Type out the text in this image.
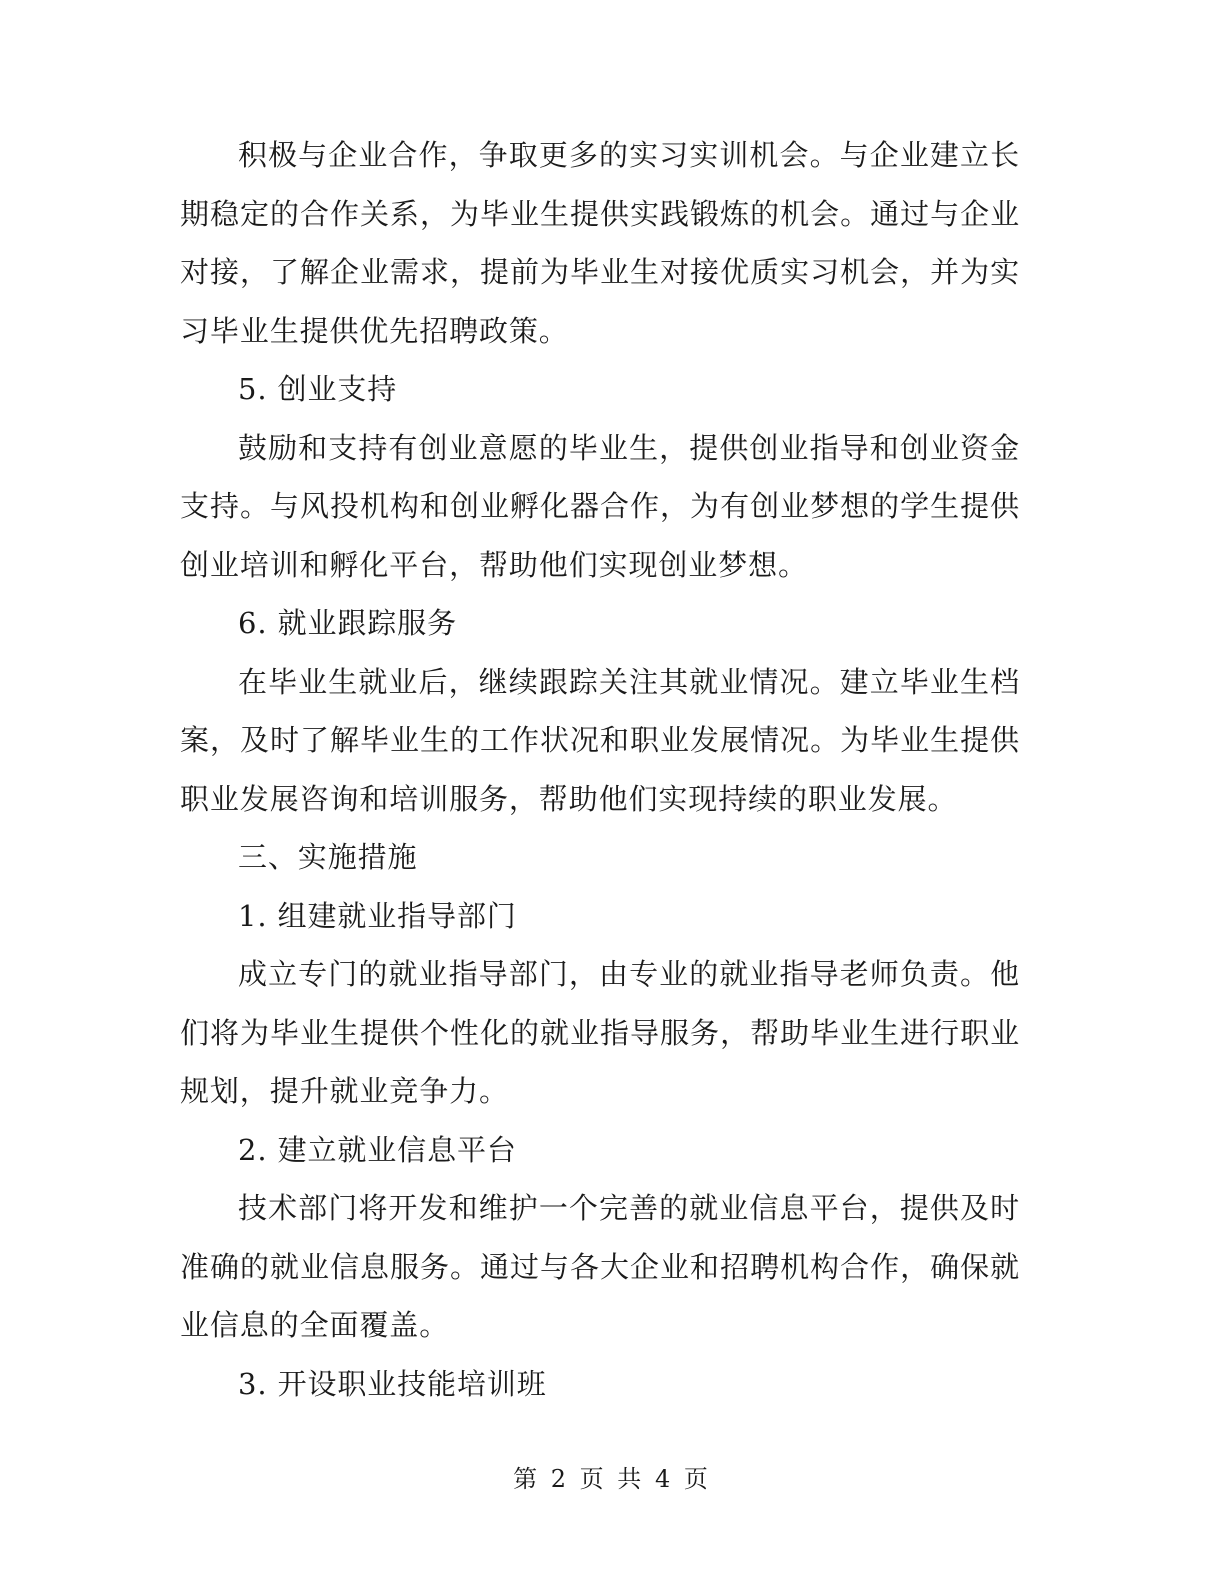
积极与企业合作，争取更多的实习实训机会。与企业建立长期稳定的合作关系，为毕业生提供实践锻炼的机会。通过与企业对接，了解企业需求，提前为毕业生对接优质实习机会，并为实习毕业生提供优先招聘政策。

5. 创业支持

鼓励和支持有创业意愿的毕业生，提供创业指导和创业资金支持。与风投机构和创业孵化器合作，为有创业梦想的学生提供创业培训和孵化平台，帮助他们实现创业梦想。

6. 就业跟踪服务

在毕业生就业后，继续跟踪关注其就业情况。建立毕业生档案，及时了解毕业生的工作状况和职业发展情况。为毕业生提供职业发展咨询和培训服务，帮助他们实现持续的职业发展。

三、实施措施

1. 组建就业指导部门

成立专门的就业指导部门，由专业的就业指导老师负责。他们将为毕业生提供个性化的就业指导服务，帮助毕业生进行职业规划，提升就业竞争力。

2. 建立就业信息平台

技术部门将开发和维护一个完善的就业信息平台，提供及时准确的就业信息服务。通过与各大企业和招聘机构合作，确保就业信息的全面覆盖。

3. 开设职业技能培训班

第 2 页 共 4 页
